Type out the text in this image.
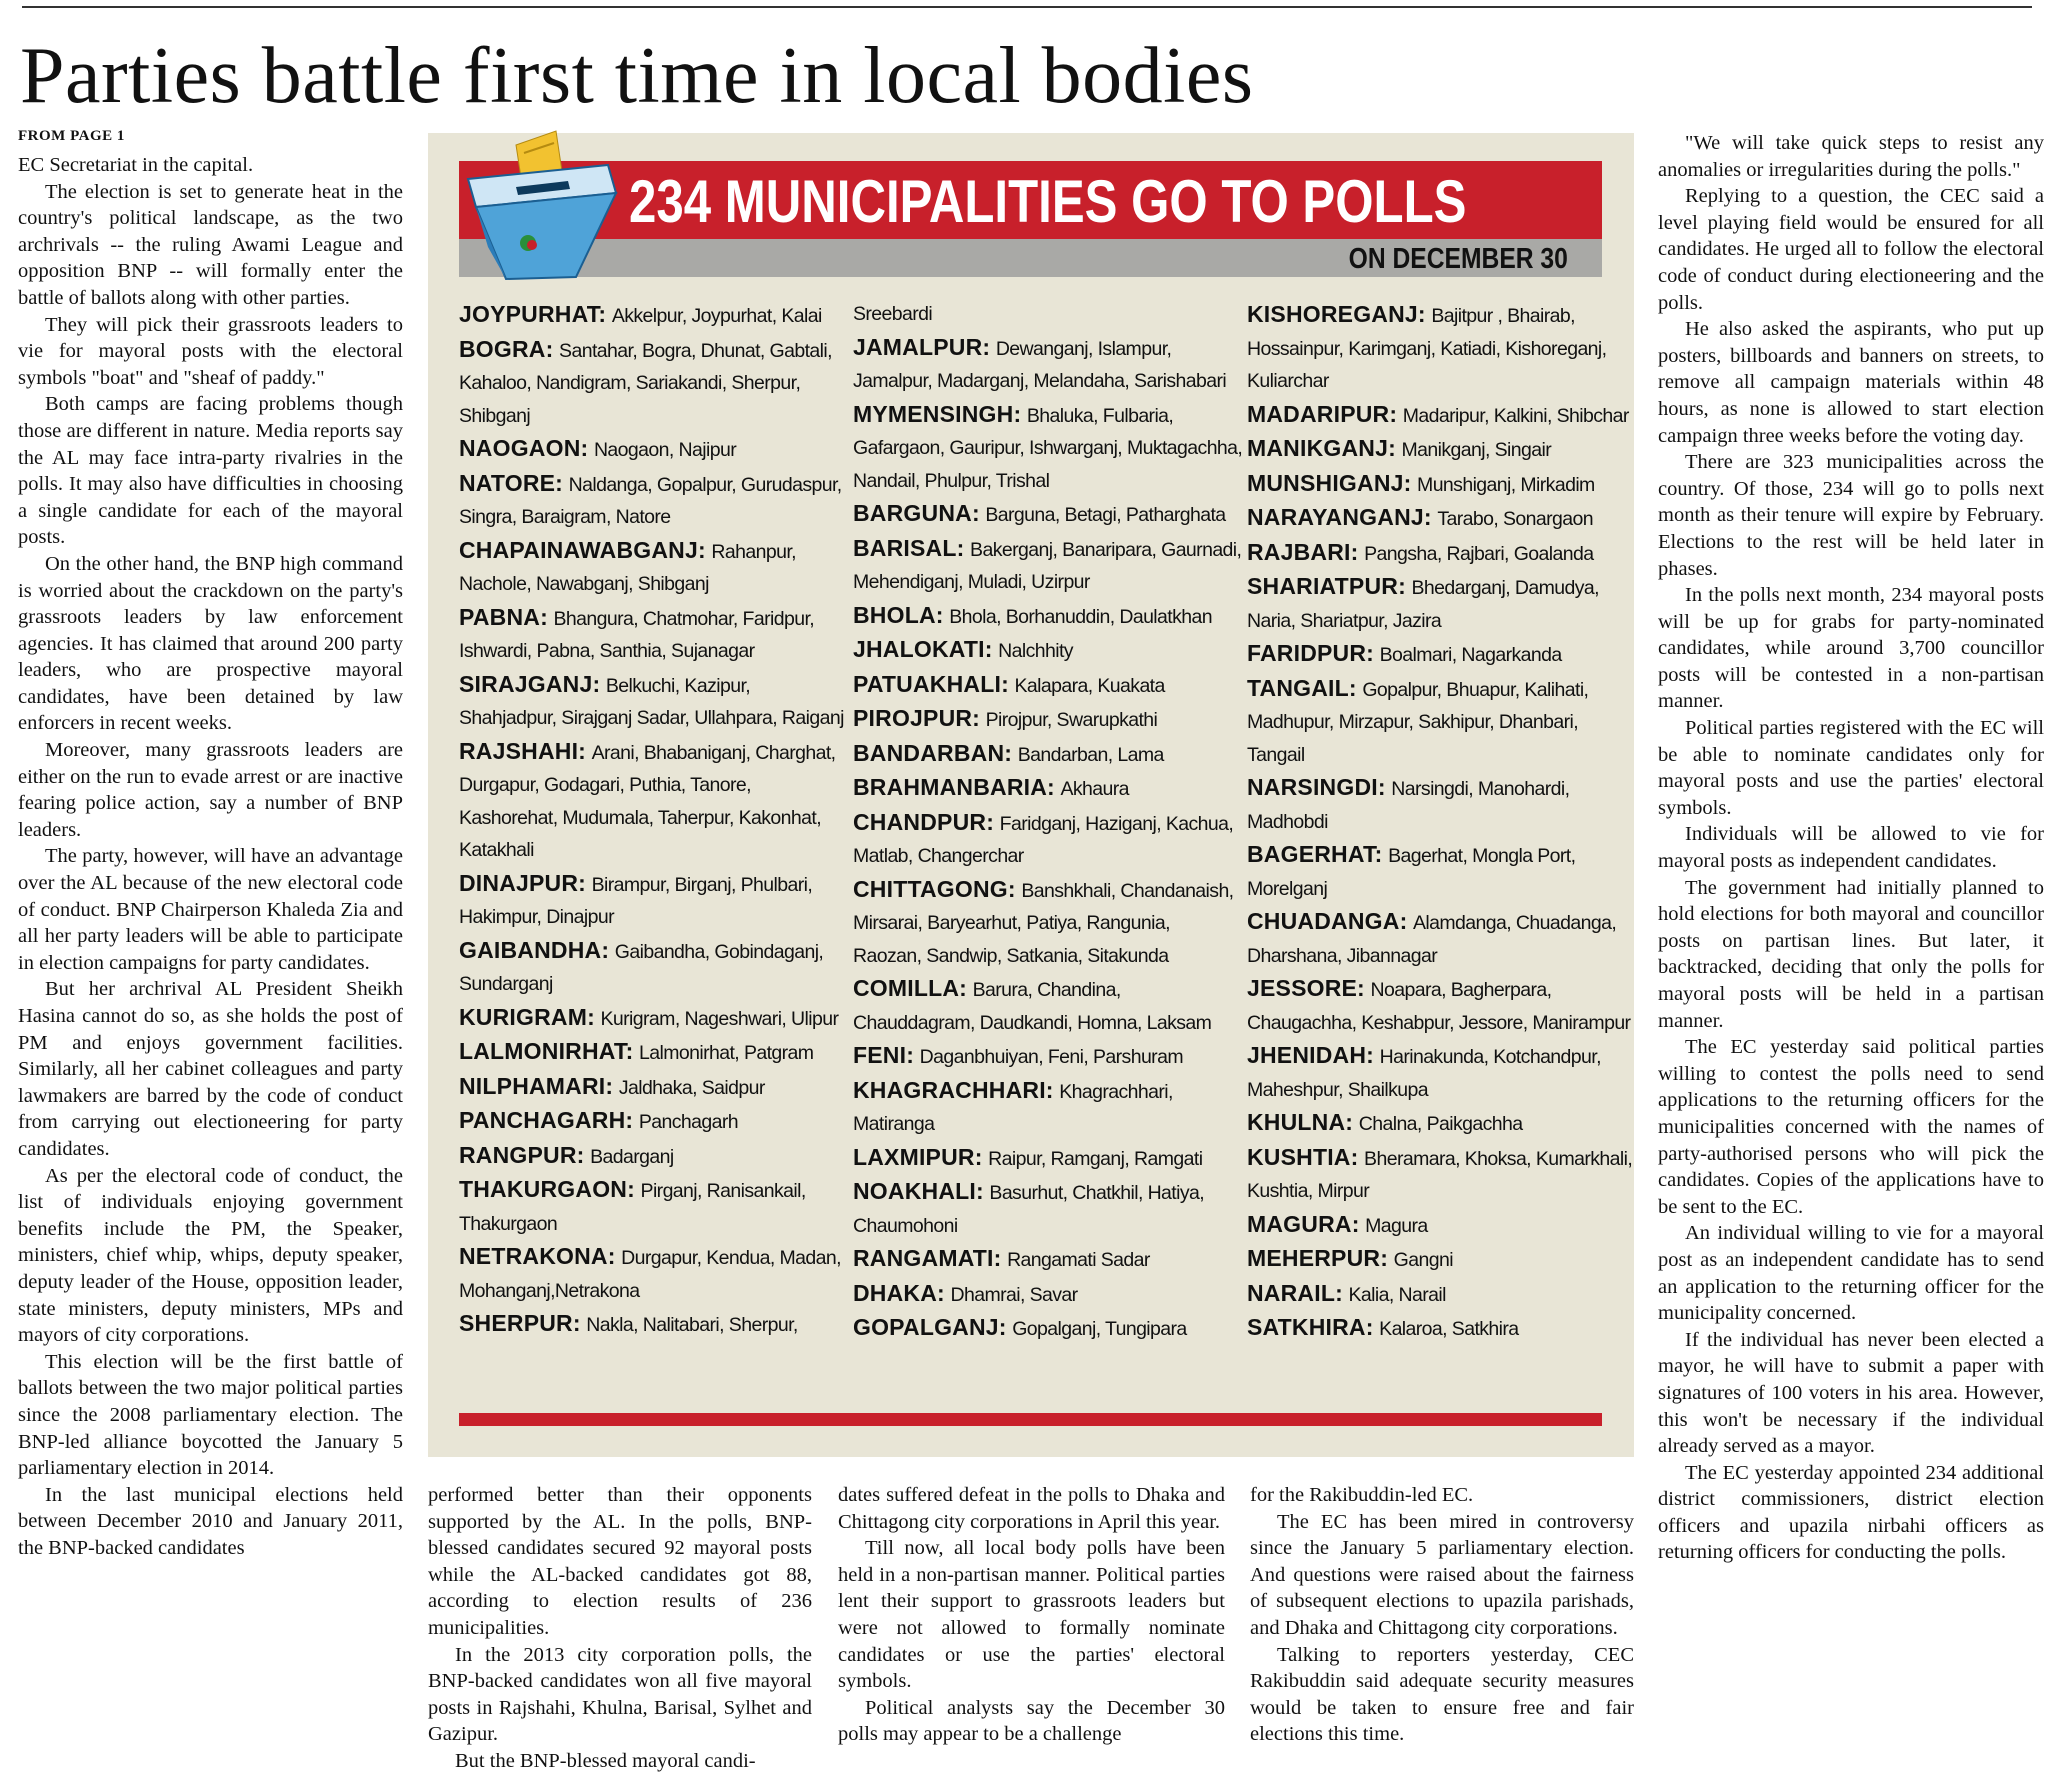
Parties battle first time in local bodies
FROM PAGE 1

EC Secretariat in the capital.

The election is set to generate heat in the country's political landscape, as the two archrivals -- the ruling Awami League and opposition BNP -- will formally enter the battle of ballots along with other parties.

They will pick their grassroots leaders to vie for mayoral posts with the electoral symbols "boat" and "sheaf of paddy."

Both camps are facing problems though those are different in nature. Media reports say the AL may face intra-party rivalries in the polls. It may also have difficulties in choosing a single candidate for each of the mayoral posts.

On the other hand, the BNP high command is worried about the crackdown on the party's grassroots leaders by law enforcement agencies. It has claimed that around 200 party leaders, who are prospective mayoral candidates, have been detained by law enforcers in recent weeks.

Moreover, many grassroots leaders are either on the run to evade arrest or are inactive fearing police action, say a number of BNP leaders.

The party, however, will have an advantage over the AL because of the new electoral code of conduct. BNP Chairperson Khaleda Zia and all her party leaders will be able to participate in election campaigns for party candidates.

But her archrival AL President Sheikh Hasina cannot do so, as she holds the post of PM and enjoys government facilities. Similarly, all her cabinet colleagues and party lawmakers are barred by the code of conduct from carrying out electioneering for party candidates.

As per the electoral code of conduct, the list of individuals enjoying government benefits include the PM, the Speaker, ministers, chief whip, whips, deputy speaker, deputy leader of the House, opposition leader, state ministers, deputy ministers, MPs and mayors of city corporations.

This election will be the first battle of ballots between the two major political parties since the 2008 parliamentary election. The BNP-led alliance boycotted the January 5 parliamentary election in 2014.

In the last municipal elections held between December 2010 and January 2011, the BNP-backed candidates

234 MUNICIPALITIES GO TO POLLS
ON DECEMBER 30
JOYPURHAT: Akkelpur, Joypurhat, Kalai
BOGRA: Santahar, Bogra, Dhunat, Gabtali, Kahaloo, Nandigram, Sariakandi, Sherpur, Shibganj
NAOGAON: Naogaon, Najipur
NATORE: Naldanga, Gopalpur, Gurudaspur, Singra, Baraigram, Natore
CHAPAINAWABGANJ: Rahanpur, Nachole, Nawabganj, Shibganj
PABNA: Bhangura, Chatmohar, Faridpur, Ishwardi, Pabna, Santhia, Sujanagar
SIRAJGANJ: Belkuchi, Kazipur, Shahjadpur, Sirajganj Sadar, Ullahpara, Raiganj
RAJSHAHI: Arani, Bhabaniganj, Charghat, Durgapur, Godagari, Puthia, Tanore, Kashorehat, Mudumala, Taherpur, Kakonhat, Katakhali
DINAJPUR: Birampur, Birganj, Phulbari, Hakimpur, Dinajpur
GAIBANDHA: Gaibandha, Gobindaganj, Sundarganj
KURIGRAM: Kurigram, Nageshwari, Ulipur
LALMONIRHAT: Lalmonirhat, Patgram
NILPHAMARI: Jaldhaka, Saidpur
PANCHAGARH: Panchagarh
RANGPUR: Badarganj
THAKURGAON: Pirganj, Ranisankail, Thakurgaon
NETRAKONA: Durgapur, Kendua, Madan, Mohanganj,Netrakona
SHERPUR: Nakla, Nalitabari, Sherpur,
Sreebardi
JAMALPUR: Dewanganj, Islampur, Jamalpur, Madarganj, Melandaha, Sarishabari
MYMENSINGH: Bhaluka, Fulbaria, Gafargaon, Gauripur, Ishwarganj, Muktagachha, Nandail, Phulpur, Trishal
BARGUNA: Barguna, Betagi, Patharghata
BARISAL: Bakerganj, Banaripara, Gaurnadi, Mehendiganj, Muladi, Uzirpur
BHOLA: Bhola, Borhanuddin, Daulatkhan
JHALOKATI: Nalchhity
PATUAKHALI: Kalapara, Kuakata
PIROJPUR: Pirojpur, Swarupkathi
BANDARBAN: Bandarban, Lama
BRAHMANBARIA: Akhaura
CHANDPUR: Faridganj, Haziganj, Kachua, Matlab, Changerchar
CHITTAGONG: Banshkhali, Chandanaish, Mirsarai, Baryearhut, Patiya, Rangunia, Raozan, Sandwip, Satkania, Sitakunda
COMILLA: Barura, Chandina, Chauddagram, Daudkandi, Homna, Laksam
FENI: Daganbhuiyan, Feni, Parshuram
KHAGRACHHARI: Khagrachhari, Matiranga
LAXMIPUR: Raipur, Ramganj, Ramgati
NOAKHALI: Basurhut, Chatkhil, Hatiya, Chaumohoni
RANGAMATI: Rangamati Sadar
DHAKA: Dhamrai, Savar
GOPALGANJ: Gopalganj, Tungipara
KISHOREGANJ: Bajitpur , Bhairab, Hossainpur, Karimganj, Katiadi, Kishoreganj, Kuliarchar
MADARIPUR: Madaripur, Kalkini, Shibchar
MANIKGANJ: Manikganj, Singair
MUNSHIGANJ: Munshiganj, Mirkadim
NARAYANGANJ: Tarabo, Sonargaon
RAJBARI: Pangsha, Rajbari, Goalanda
SHARIATPUR: Bhedarganj, Damudya, Naria, Shariatpur, Jazira
FARIDPUR: Boalmari, Nagarkanda
TANGAIL: Gopalpur, Bhuapur, Kalihati, Madhupur, Mirzapur, Sakhipur, Dhanbari, Tangail
NARSINGDI: Narsingdi, Manohardi, Madhobdi
BAGERHAT: Bagerhat, Mongla Port, Morelganj
CHUADANGA: Alamdanga, Chuadanga, Dharshana, Jibannagar
JESSORE: Noapara, Bagherpara, Chaugachha, Keshabpur, Jessore, Manirampur
JHENIDAH: Harinakunda, Kotchandpur, Maheshpur, Shailkupa
KHULNA: Chalna, Paikgachha
KUSHTIA: Bheramara, Khoksa, Kumarkhali, Kushtia, Mirpur
MAGURA: Magura
MEHERPUR: Gangni
NARAIL: Kalia, Narail
SATKHIRA: Kalaroa, Satkhira

performed better than their opponents supported by the AL. In the polls, BNP-blessed candidates secured 92 mayoral posts while the AL-backed candidates got 88, according to election results of 236 municipalities.

In the 2013 city corporation polls, the BNP-backed candidates won all five mayoral posts in Rajshahi, Khulna, Barisal, Sylhet and Gazipur.

But the BNP-blessed mayoral candi-

dates suffered defeat in the polls to Dhaka and Chittagong city corporations in April this year.

Till now, all local body polls have been held in a non-partisan manner. Political parties lent their support to grassroots leaders but were not allowed to formally nominate candidates or use the parties' electoral symbols.

Political analysts say the December 30 polls may appear to be a challenge

for the Rakibuddin-led EC.

The EC has been mired in controversy since the January 5 parliamentary election. And questions were raised about the fairness of subsequent elections to upazila parishads, and Dhaka and Chittagong city corporations.

Talking to reporters yesterday, CEC Rakibuddin said adequate security measures would be taken to ensure free and fair elections this time.

"We will take quick steps to resist any anomalies or irregularities during the polls."

Replying to a question, the CEC said a level playing field would be ensured for all candidates. He urged all to follow the electoral code of conduct during electioneering and the polls.

He also asked the aspirants, who put up posters, billboards and banners on streets, to remove all campaign materials within 48 hours, as none is allowed to start election campaign three weeks before the voting day.

There are 323 municipalities across the country. Of those, 234 will go to polls next month as their tenure will expire by February. Elections to the rest will be held later in phases.

In the polls next month, 234 mayoral posts will be up for grabs for party-nominated candidates, while around 3,700 councillor posts will be contested in a non-partisan manner.

Political parties registered with the EC will be able to nominate candidates only for mayoral posts and use the parties' electoral symbols.

Individuals will be allowed to vie for mayoral posts as independent candidates.

The government had initially planned to hold elections for both mayoral and councillor posts on partisan lines. But later, it backtracked, deciding that only the polls for mayoral posts will be held in a partisan manner.

The EC yesterday said political parties willing to contest the polls need to send applications to the returning officers for the municipalities concerned with the names of party-authorised persons who will pick the candidates. Copies of the applications have to be sent to the EC.

An individual willing to vie for a mayoral post as an independent candidate has to send an application to the returning officer for the municipality concerned.

If the individual has never been elected a mayor, he will have to submit a paper with signatures of 100 voters in his area. However, this won't be necessary if the individual already served as a mayor.

The EC yesterday appointed 234 additional district commissioners, district election officers and upazila nirbahi officers as returning officers for conducting the polls.
